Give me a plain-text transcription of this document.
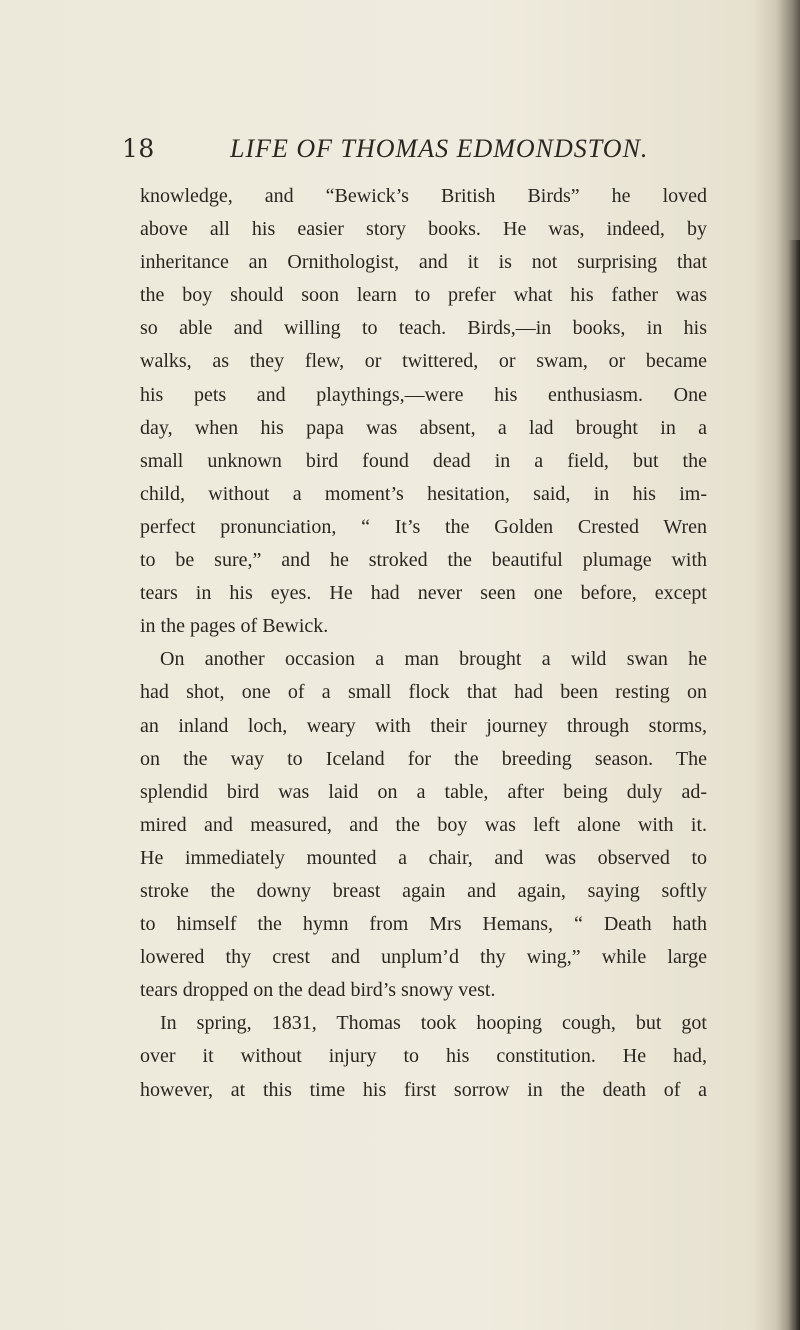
18	LIFE OF THOMAS EDMONDSTON.
knowledge, and “Bewick’s British Birds” he loved
above all his easier story books. He was, indeed, by
inheritance an Ornithologist, and it is not surprising that
the boy should soon learn to prefer what his father was
so able and willing to teach. Birds,—in books, in his
walks, as they flew, or twittered, or swam, or became
his pets and playthings,—were his enthusiasm. One
day, when his papa was absent, a lad brought in a
small unknown bird found dead in a field, but the
child, without a moment’s hesitation, said, in his im-
perfect pronunciation, “ It’s the Golden Crested Wren
to be sure,” and he stroked the beautiful plumage with
tears in his eyes. He had never seen one before, except
in the pages of Bewick.
On another occasion a man brought a wild swan he
had shot, one of a small flock that had been resting on
an inland loch, weary with their journey through storms,
on the way to Iceland for the breeding season. The
splendid bird was laid on a table, after being duly ad-
mired and measured, and the boy was left alone with it.
He immediately mounted a chair, and was observed to
stroke the downy breast again and again, saying softly
to himself the hymn from Mrs Hemans, “ Death hath
lowered thy crest and unplum’d thy wing,” while large
tears dropped on the dead bird’s snowy vest.
In spring, 1831, Thomas took hooping cough, but got
over it without injury to his constitution. He had,
however, at this time his first sorrow in the death of a
